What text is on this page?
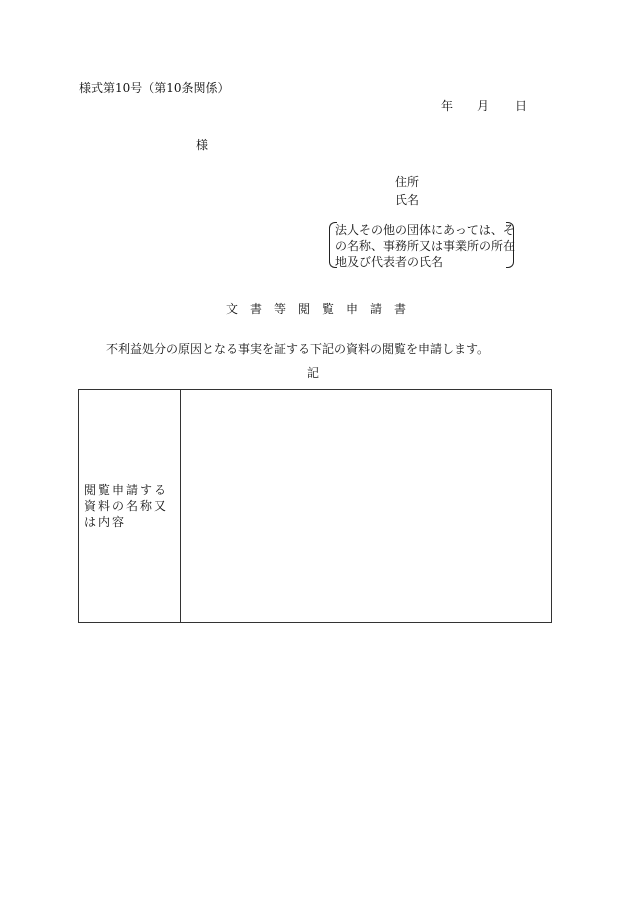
様式第10号（第10条関係）
年 月 日
様
住所
氏名
法人その他の団体にあっては、そ
の名称、事務所又は事業所の所在
地及び代表者の氏名
文書等閲覧申請書
不利益処分の原因となる事実を証する下記の資料の閲覧を申請します。
記
閲覧申請する資料の名称又は内容
